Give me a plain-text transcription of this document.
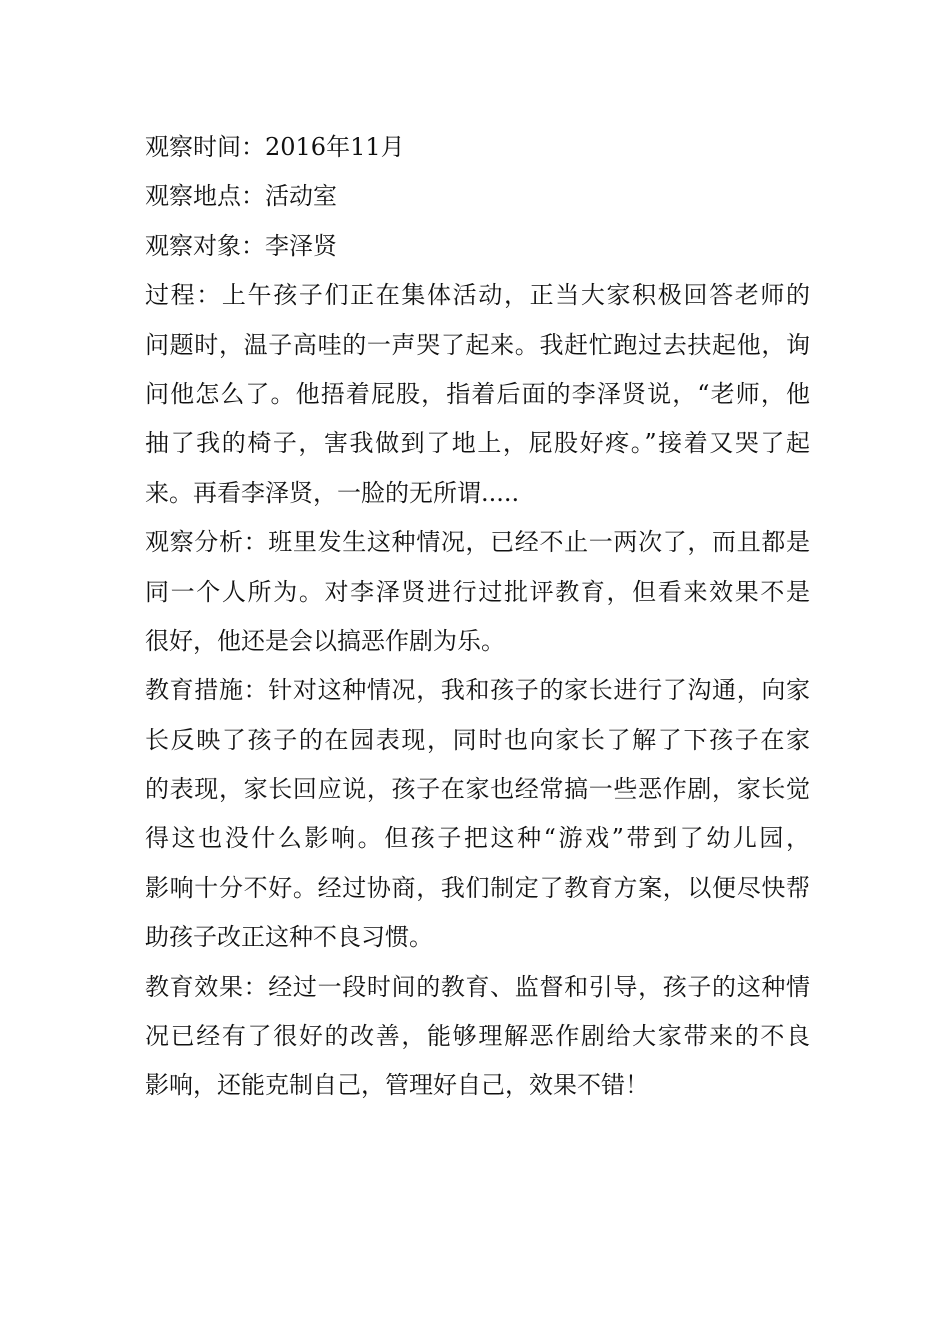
观察时间：2016年11月
观察地点：活动室
观察对象：李泽贤
过程：上午孩子们正在集体活动，正当大家积极回答老师的
问题时，温子高哇的一声哭了起来。我赶忙跑过去扶起他，询
问他怎么了。他捂着屁股，指着后面的李泽贤说，“老师，他
抽了我的椅子，害我做到了地上，屁股好疼。”接着又哭了起
来。再看李泽贤，一脸的无所谓.....
观察分析：班里发生这种情况，已经不止一两次了，而且都是
同一个人所为。对李泽贤进行过批评教育，但看来效果不是
很好，他还是会以搞恶作剧为乐。
教育措施：针对这种情况，我和孩子的家长进行了沟通，向家
长反映了孩子的在园表现，同时也向家长了解了下孩子在家
的表现，家长回应说，孩子在家也经常搞一些恶作剧，家长觉
得这也没什么影响。但孩子把这种“游戏”带到了幼儿园，
影响十分不好。经过协商，我们制定了教育方案，以便尽快帮
助孩子改正这种不良习惯。
教育效果：经过一段时间的教育、监督和引导，孩子的这种情
况已经有了很好的改善，能够理解恶作剧给大家带来的不良
影响，还能克制自己，管理好自己，效果不错！
